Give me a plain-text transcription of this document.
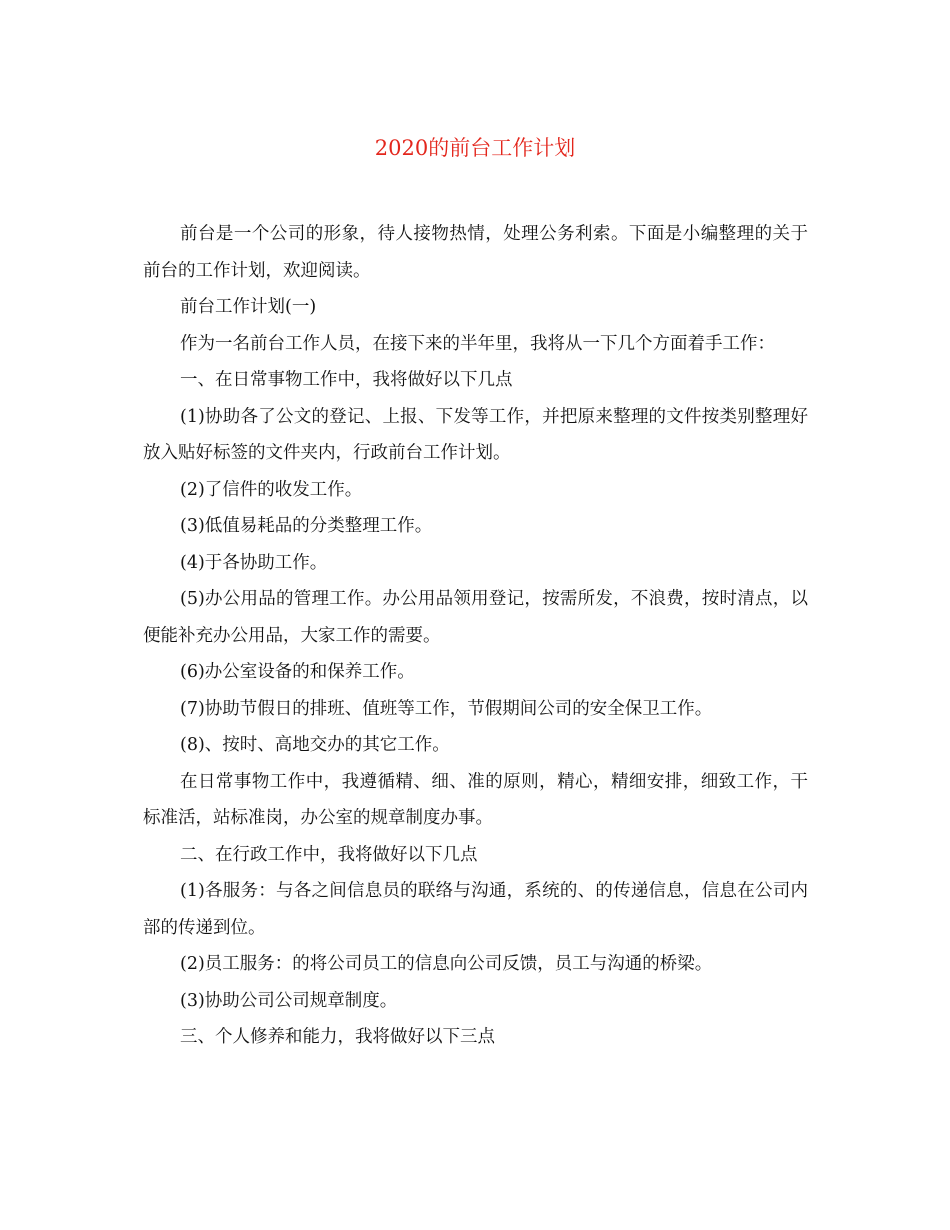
2020的前台工作计划

前台是一个公司的形象，待人接物热情，处理公务利索。下面是小编整理的关于前台的工作计划，欢迎阅读。

前台工作计划(一)

作为一名前台工作人员，在接下来的半年里，我将从一下几个方面着手工作：

一、在日常事物工作中，我将做好以下几点

(1)协助各了公文的登记、上报、下发等工作，并把原来整理的文件按类别整理好放入贴好标签的文件夹内，行政前台工作计划。

(2)了信件的收发工作。

(3)低值易耗品的分类整理工作。

(4)于各协助工作。

(5)办公用品的管理工作。办公用品领用登记，按需所发，不浪费，按时清点，以便能补充办公用品，大家工作的需要。

(6)办公室设备的和保养工作。

(7)协助节假日的排班、值班等工作，节假期间公司的安全保卫工作。

(8)、按时、高地交办的其它工作。

在日常事物工作中，我遵循精、细、准的原则，精心，精细安排，细致工作，干标准活，站标准岗，办公室的规章制度办事。

二、在行政工作中，我将做好以下几点

(1)各服务：与各之间信息员的联络与沟通，系统的、的传递信息，信息在公司内部的传递到位。

(2)员工服务：的将公司员工的信息向公司反馈，员工与沟通的桥梁。

(3)协助公司公司规章制度。

三、个人修养和能力，我将做好以下三点
